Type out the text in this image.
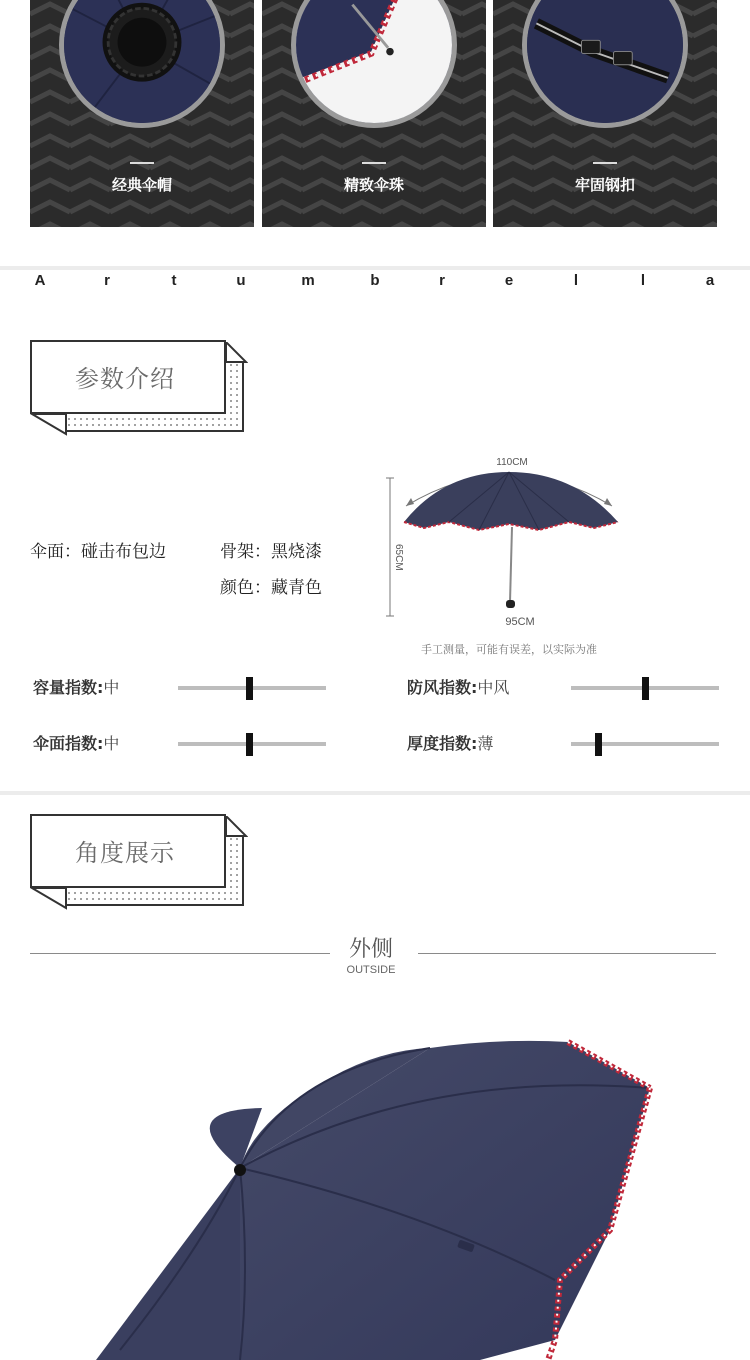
经典伞帽	精致伞珠	牢固钢扣
A	r	t	u	m	b	r	e	l	l	a
参数介绍
伞面：碰击布包边	骨架：黑烧漆
颜色：藏青色
110CM
65CM
95CM
手工测量，可能有误差，以实际为准
容量指数:中	防风指数:中风
伞面指数:中	厚度指数:薄
角度展示
外侧
OUTSIDE
